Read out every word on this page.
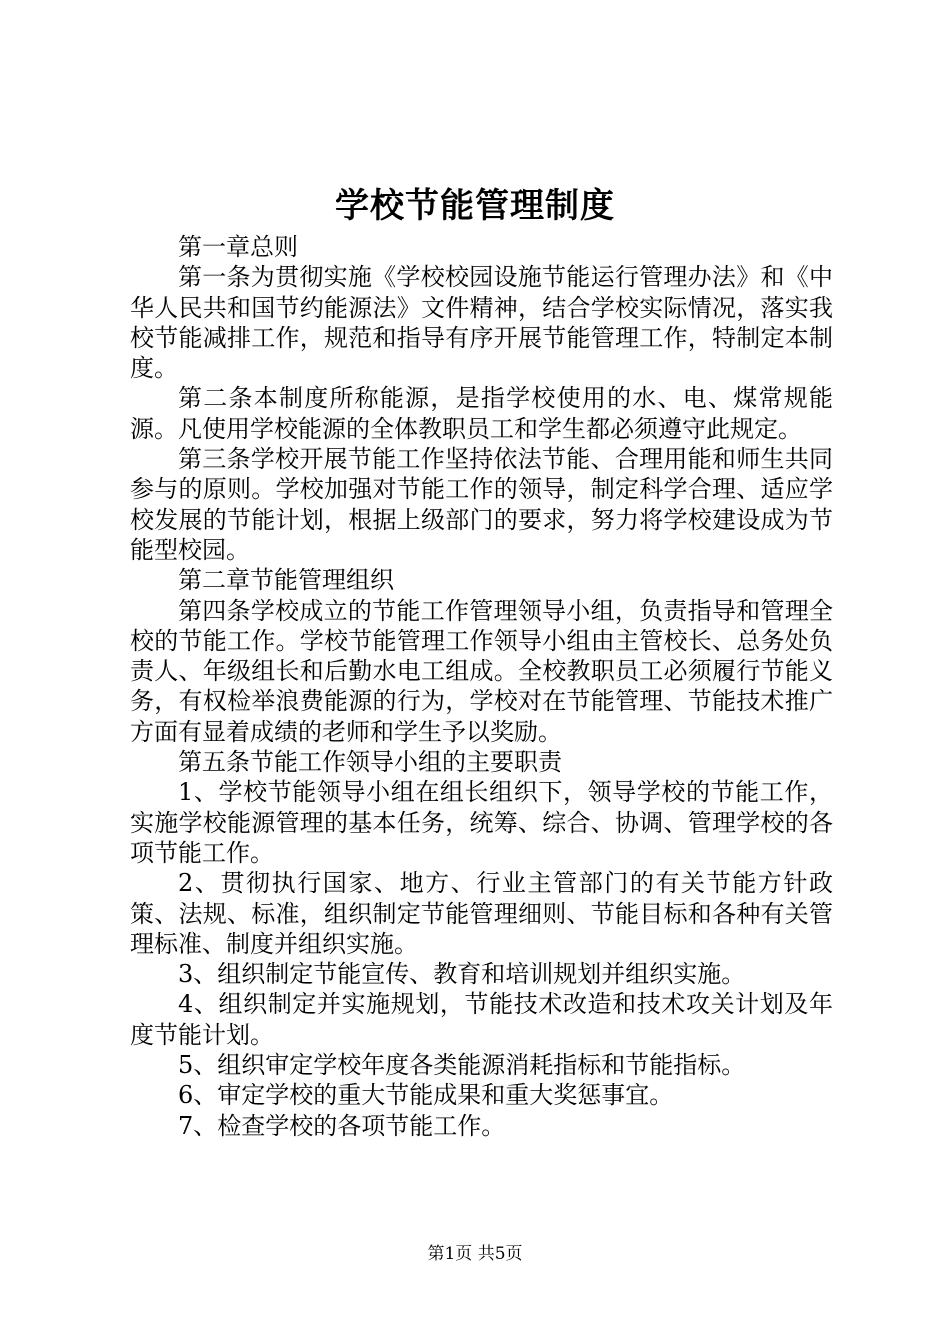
学校节能管理制度

第一章总则

第一条为贯彻实施《学校校园设施节能运行管理办法》和《中华人民共和国节约能源法》文件精神，结合学校实际情况，落实我校节能减排工作，规范和指导有序开展节能管理工作，特制定本制度。

第二条本制度所称能源，是指学校使用的水、电、煤常规能源。凡使用学校能源的全体教职员工和学生都必须遵守此规定。

第三条学校开展节能工作坚持依法节能、合理用能和师生共同参与的原则。学校加强对节能工作的领导，制定科学合理、适应学校发展的节能计划，根据上级部门的要求，努力将学校建设成为节能型校园。

第二章节能管理组织

第四条学校成立的节能工作管理领导小组，负责指导和管理全校的节能工作。学校节能管理工作领导小组由主管校长、总务处负责人、年级组长和后勤水电工组成。全校教职员工必须履行节能义务，有权检举浪费能源的行为，学校对在节能管理、节能技术推广方面有显着成绩的老师和学生予以奖励。

第五条节能工作领导小组的主要职责

1、学校节能领导小组在组长组织下，领导学校的节能工作，实施学校能源管理的基本任务，统筹、综合、协调、管理学校的各项节能工作。

2、贯彻执行国家、地方、行业主管部门的有关节能方针政策、法规、标准，组织制定节能管理细则、节能目标和各种有关管理标准、制度并组织实施。

3、组织制定节能宣传、教育和培训规划并组织实施。

4、组织制定并实施规划，节能技术改造和技术攻关计划及年度节能计划。

5、组织审定学校年度各类能源消耗指标和节能指标。

6、审定学校的重大节能成果和重大奖惩事宜。

7、检查学校的各项节能工作。

第1页 共5页
